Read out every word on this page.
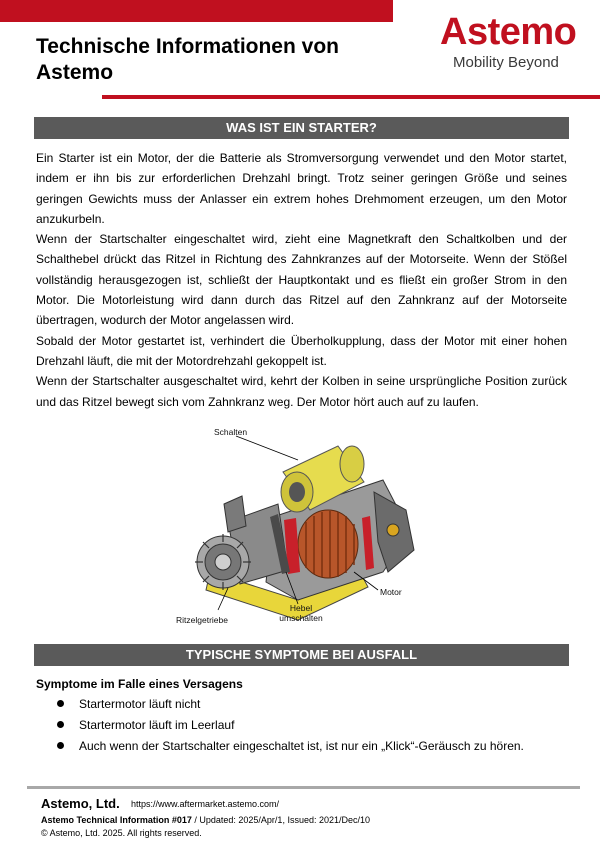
Technische Informationen von Astemo
Astemo
Mobility Beyond
WAS IST EIN STARTER?

Ein Starter ist ein Motor, der die Batterie als Stromversorgung verwendet und den Motor startet, indem er ihn bis zur erforderlichen Drehzahl bringt. Trotz seiner geringen Größe und seines geringen Gewichts muss der Anlasser ein extrem hohes Drehmoment erzeugen, um den Motor anzukurbeln.

Wenn der Startschalter eingeschaltet wird, zieht eine Magnetkraft den Schaltkolben und der Schalthebel drückt das Ritzel in Richtung des Zahnkranzes auf der Motorseite. Wenn der Stößel vollständig herausgezogen ist, schließt der Hauptkontakt und es fließt ein großer Strom in den Motor. Die Motorleistung wird dann durch das Ritzel auf den Zahnkranz auf der Motorseite übertragen, wodurch der Motor angelassen wird.

Sobald der Motor gestartet ist, verhindert die Überholkupplung, dass der Motor mit einer hohen Drehzahl läuft, die mit der Motordrehzahl gekoppelt ist.

Wenn der Startschalter ausgeschaltet wird, kehrt der Kolben in seine ursprüngliche Position zurück und das Ritzel bewegt sich vom Zahnkranz weg. Der Motor hört auch auf zu laufen.

Schalten
Motor
Hebel
umschalten
Ritzelgetriebe
TYPISCHE SYMPTOME BEI AUSFALL
Symptome im Falle eines Versagens
Startermotor läuft nicht
Startermotor läuft im Leerlauf
Auch wenn der Startschalter eingeschaltet ist, ist nur ein „Klick“-Geräusch zu hören.
Astemo, Ltd. https://www.aftermarket.astemo.com/
Astemo Technical Information #017 / Updated: 2025/Apr/1, Issued: 2021/Dec/10
© Astemo, Ltd. 2025. All rights reserved.
